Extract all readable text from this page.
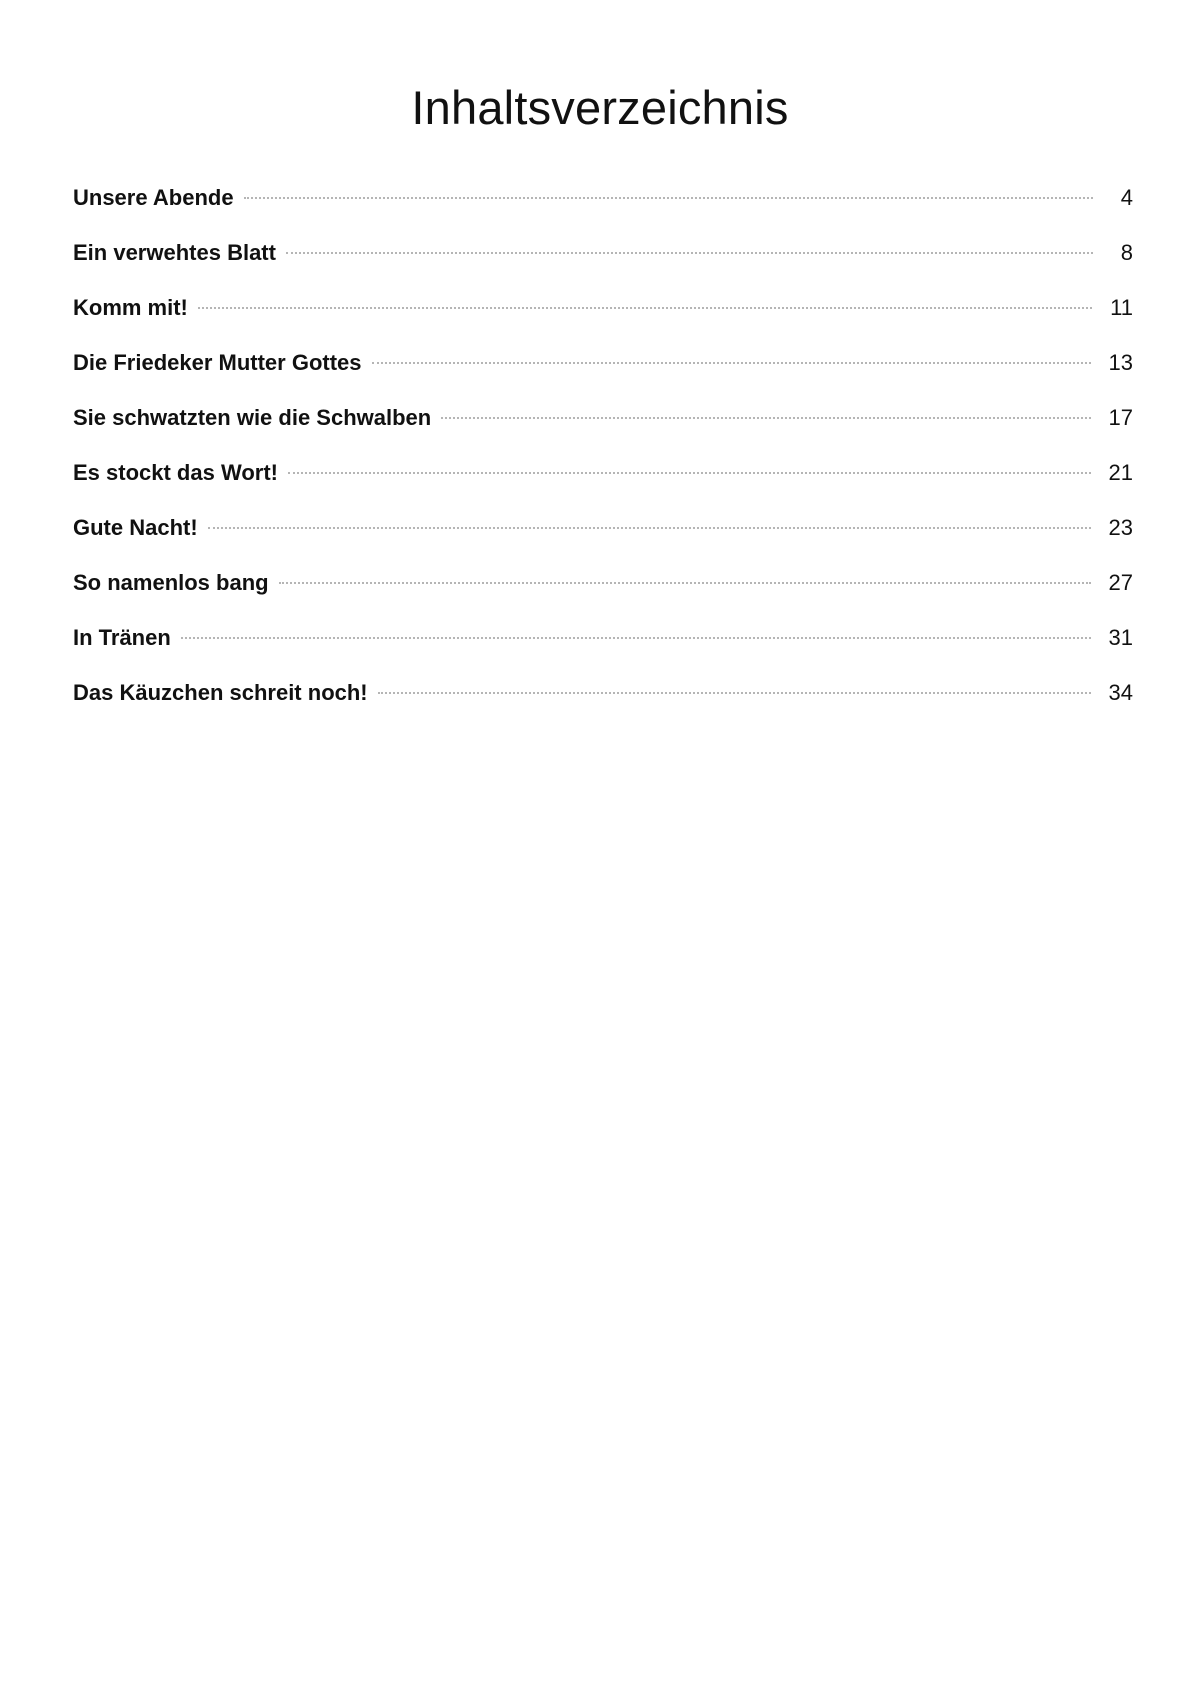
Inhaltsverzeichnis
Unsere Abende	4
Ein verwehtes Blatt	8
Komm mit!	11
Die Friedeker Mutter Gottes	13
Sie schwatzten wie die Schwalben	17
Es stockt das Wort!	21
Gute Nacht!	23
So namenlos bang	27
In Tränen	31
Das Käuzchen schreit noch!	34
